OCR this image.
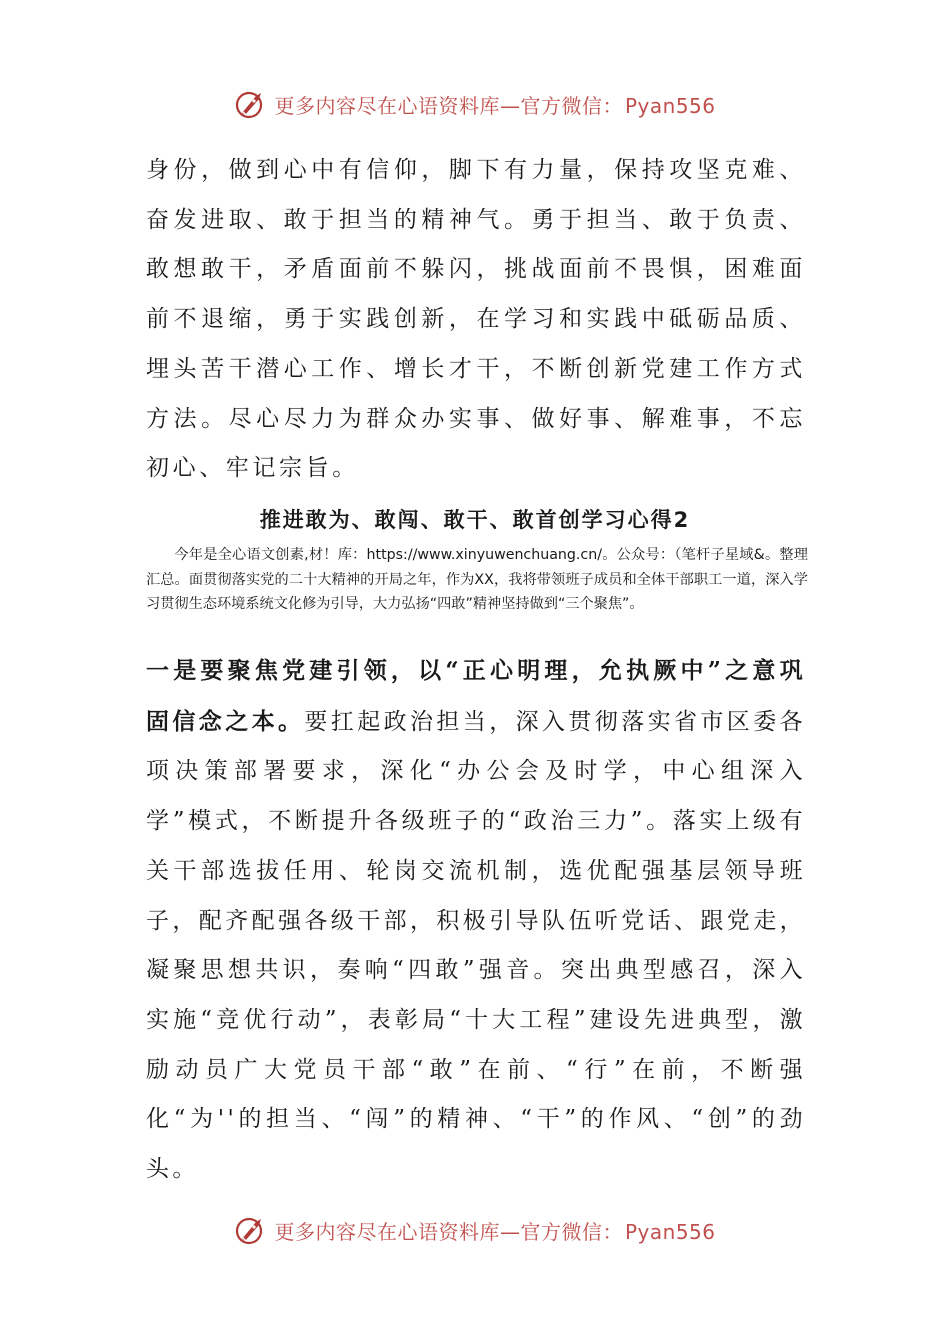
更多内容尽在心语资料库—官方微信： Pyan556

身份，做到心中有信仰，脚下有力量，保持攻坚克难、奋发进取、敢于担当的精神气。勇于担当、敢于负责、敢想敢干，矛盾面前不躲闪，挑战面前不畏惧，困难面前不退缩，勇于实践创新，在学习和实践中砥砺品质、埋头苦干潜心工作、增长才干，不断创新党建工作方式方法。尽心尽力为群众办实事、做好事、解难事，不忘初心、牢记宗旨。

推进敢为、敢闯、敢干、敢首创学习心得2

今年是全心语文创素,材！库：https://www.xinyuwenchuang.cn/。公众号：（笔杆子星域&。整理汇总。面贯彻落实党的二十大精神的开局之年，作为XX，我将带领班子成员和全体干部职工一道，深入学习贯彻生态环境系统文化修为引导，大力弘扬“四敢”精神坚持做到“三个聚焦”。

一是要聚焦党建引领，以“正心明理，允执厥中”之意巩固信念之本。要扛起政治担当，深入贯彻落实省市区委各项决策部署要求，深化“办公会及时学，中心组深入学”模式，不断提升各级班子的“政治三力”。落实上级有关干部选拔任用、轮岗交流机制，选优配强基层领导班子，配齐配强各级干部，积极引导队伍听党话、跟党走，凝聚思想共识，奏响“四敢”强音。突出典型感召，深入实施“竞优行动”，表彰局“十大工程”建设先进典型，激励动员广大党员干部“敢”在前、“行”在前，不断强化“为''的担当、“闯”的精神、“干”的作风、“创”的劲头。

更多内容尽在心语资料库—官方微信： Pyan556
